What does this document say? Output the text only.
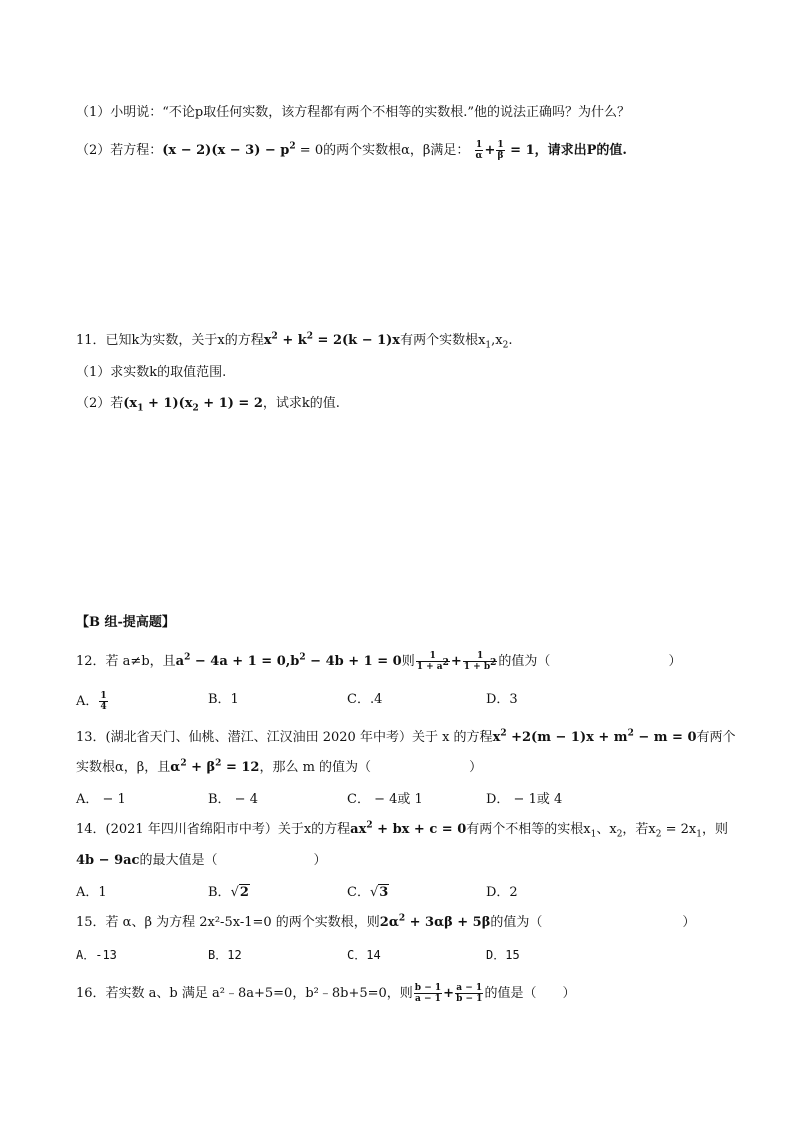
（1）小明说：“不论p取任何实数，该方程都有两个不相等的实数根.”他的说法正确吗？为什么？
（2）若方程：$(x - 2)(x - 3) - p^2 = 0$的两个实数根α，β满足： $\frac{1}{\alpha} + \frac{1}{\beta} = 1$，请求出P的值.
11．已知k为实数，关于x的方程$x^2 + k^2 = 2(k - 1)x$有两个实数根$x_1,x_2$.
（1）求实数k的取值范围.
（2）若$(x_1 + 1)(x_2 + 1) = 2$，试求k的值.
【B 组-提高题】
12．若 a≠b，且$a^2 - 4a + 1 = 0,b^2 - 4b + 1 = 0$则 $\frac{1}{1 + a^2} + \frac{1}{1 + b^2}$ 的值为（	）
A． $\frac{1}{4}$	B．1	C．.4	D．3
13．(湖北省天门、仙桃、潜江、江汉油田 2020 年中考）关于 x 的方程$x^2 +2(m - 1)x + m^2 - m = 0$有两个
实数根α，β，且$\alpha^2 + \beta^2 = 12$，那么 m 的值为（	）
A． − 1	B． − 4	C． − 4或 1	D． − 1或 4
14．(2021 年四川省绵阳市中考）关于x的方程$ax^2$ + bx + c = 0有两个不相等的实根$x_1$、$x_2$，若$x_2 = 2x_1$，则
4b − 9ac的最大值是（	）
A．1	B．√2	C．√3	D．2
15．若 α、β 为方程 2x²-5x-1=0 的两个实数根，则$2\alpha^2 + 3\alpha\beta + 5\beta$的值为（	）
A．-13	B．12	C．14	D．15
16．若实数 a、b 满足 a²﹣8a+5=0，b²﹣8b+5=0，则 $\frac{b - 1}{a - 1} + \frac{a - 1}{b - 1}$ 的值是（ ）
